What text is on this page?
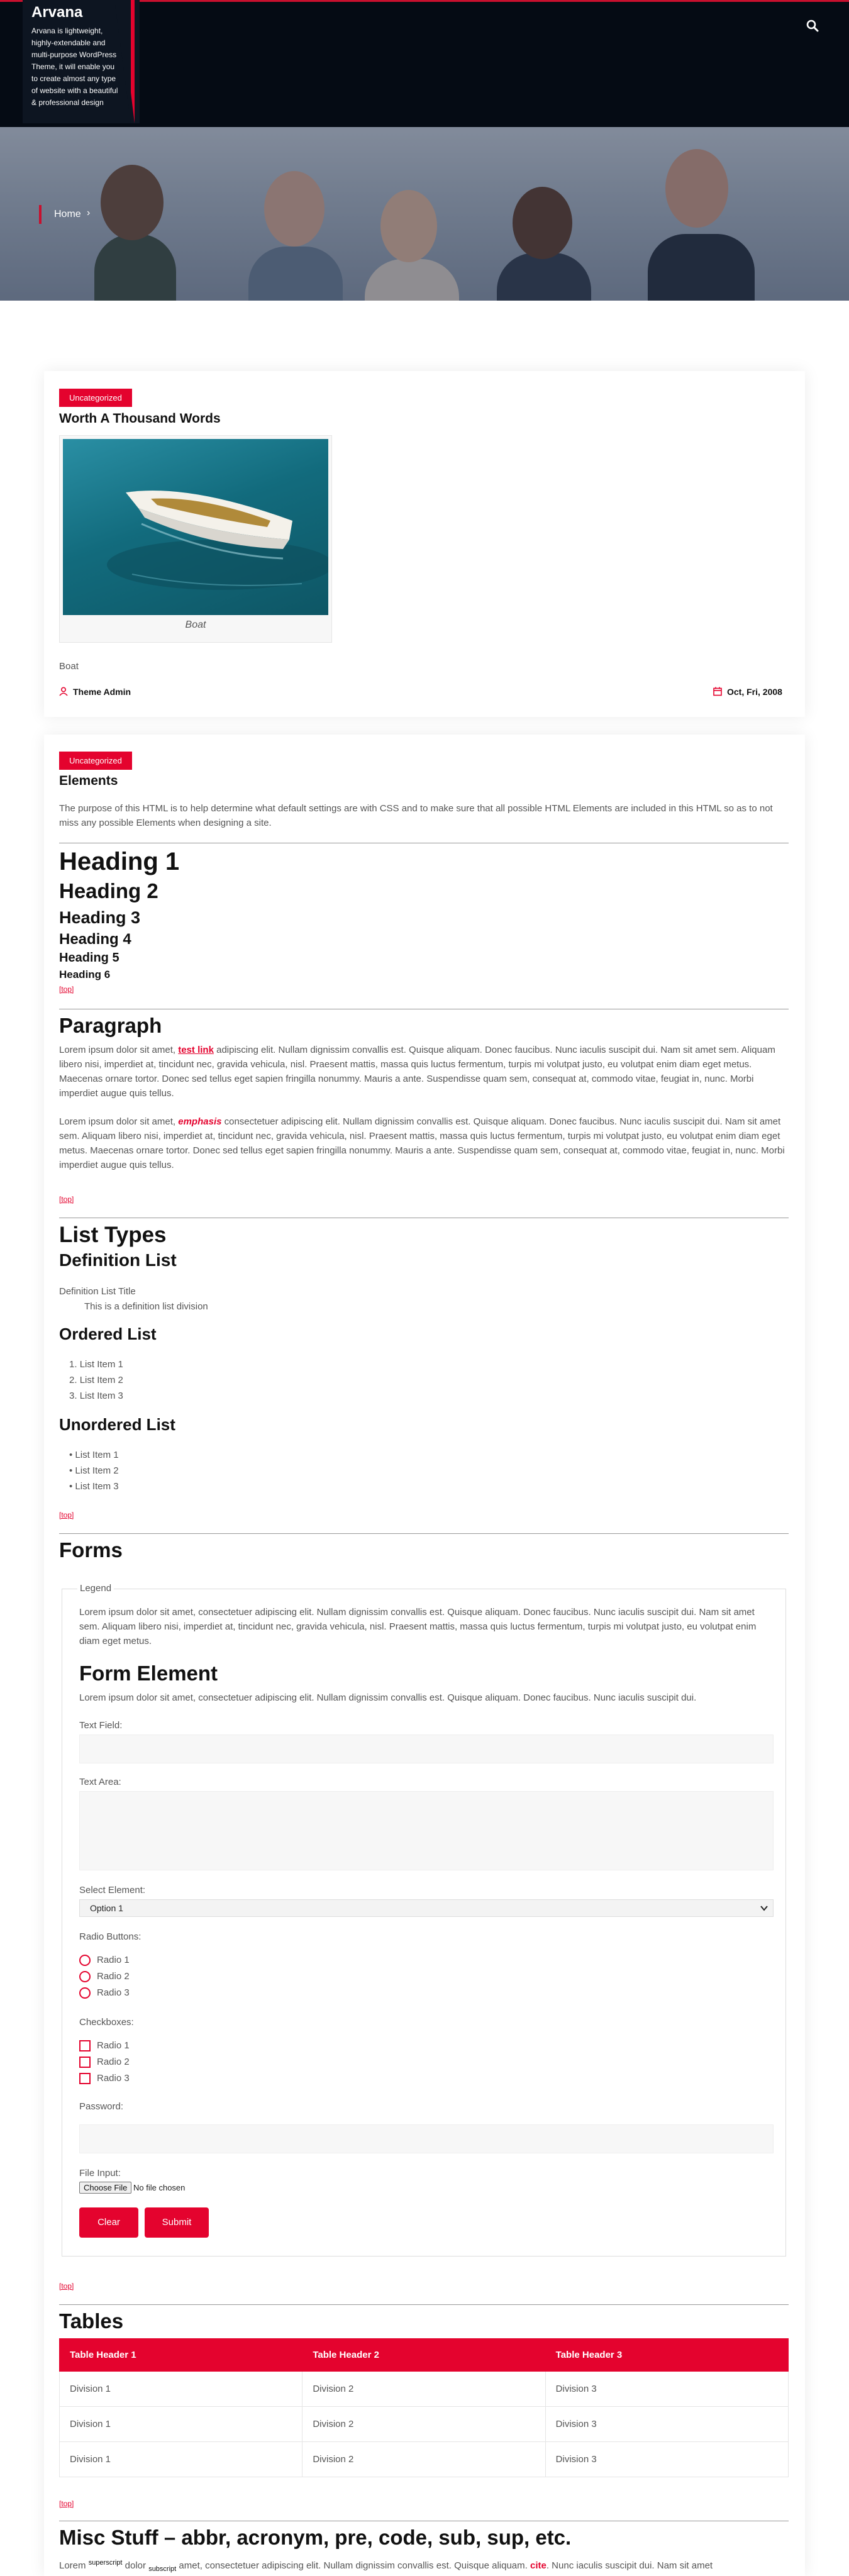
Arvana
Arvana is lightweight, highly-extendable and multi-purpose WordPress Theme, it will enable you to create almost any type of website with a beautiful & professional design
Home ›
Uncategorized
Worth A Thousand Words
Boat
Boat
Theme Admin	Oct, Fri, 2008
Uncategorized
Elements
The purpose of this HTML is to help determine what default settings are with CSS and to make sure that all possible HTML Elements are included in this HTML so as to not miss any possible Elements when designing a site.
Heading 1
Heading 2
Heading 3
Heading 4
Heading 5
Heading 6
[top]
Paragraph
Lorem ipsum dolor sit amet, test link adipiscing elit. Nullam dignissim convallis est. Quisque aliquam. Donec faucibus. Nunc iaculis suscipit dui. Nam sit amet sem. Aliquam libero nisi, imperdiet at, tincidunt nec, gravida vehicula, nisl. Praesent mattis, massa quis luctus fermentum, turpis mi volutpat justo, eu volutpat enim diam eget metus. Maecenas ornare tortor. Donec sed tellus eget sapien fringilla nonummy. Mauris a ante. Suspendisse quam sem, consequat at, commodo vitae, feugiat in, nunc. Morbi imperdiet augue quis tellus.
Lorem ipsum dolor sit amet, emphasis consectetuer adipiscing elit. Nullam dignissim convallis est. Quisque aliquam. Donec faucibus. Nunc iaculis suscipit dui. Nam sit amet sem. Aliquam libero nisi, imperdiet at, tincidunt nec, gravida vehicula, nisl. Praesent mattis, massa quis luctus fermentum, turpis mi volutpat justo, eu volutpat enim diam eget metus. Maecenas ornare tortor. Donec sed tellus eget sapien fringilla nonummy. Mauris a ante. Suspendisse quam sem, consequat at, commodo vitae, feugiat in, nunc. Morbi imperdiet augue quis tellus.
[top]
List Types
Definition List
Definition List Title
This is a definition list division
Ordered List
1. List Item 1
2. List Item 2
3. List Item 3
Unordered List
• List Item 1
• List Item 2
• List Item 3
[top]
Forms
Legend
Lorem ipsum dolor sit amet, consectetuer adipiscing elit. Nullam dignissim convallis est. Quisque aliquam. Donec faucibus. Nunc iaculis suscipit dui. Nam sit amet sem. Aliquam libero nisi, imperdiet at, tincidunt nec, gravida vehicula, nisl. Praesent mattis, massa quis luctus fermentum, turpis mi volutpat justo, eu volutpat enim diam eget metus.
Form Element
Lorem ipsum dolor sit amet, consectetuer adipiscing elit. Nullam dignissim convallis est. Quisque aliquam. Donec faucibus. Nunc iaculis suscipit dui.
Text Field:
Text Area:
Select Element:
Option 1
Radio Buttons:
Radio 1
Radio 2
Radio 3
Checkboxes:
Radio 1
Radio 2
Radio 3
Password:
File Input:
Choose File No file chosen
Clear	Submit
[top]
Tables
Table Header 1	Table Header 2	Table Header 3
Division 1	Division 2	Division 3
Division 1	Division 2	Division 3
Division 1	Division 2	Division 3
[top]
Misc Stuff – abbr, acronym, pre, code, sub, sup, etc.
Lorem $^{superscript}$ dolor $_{subscript}$ amet, consectetuer adipiscing elit. Nullam dignissim convallis est. Quisque aliquam. cite. Nunc iaculis suscipit dui. Nam sit amet
